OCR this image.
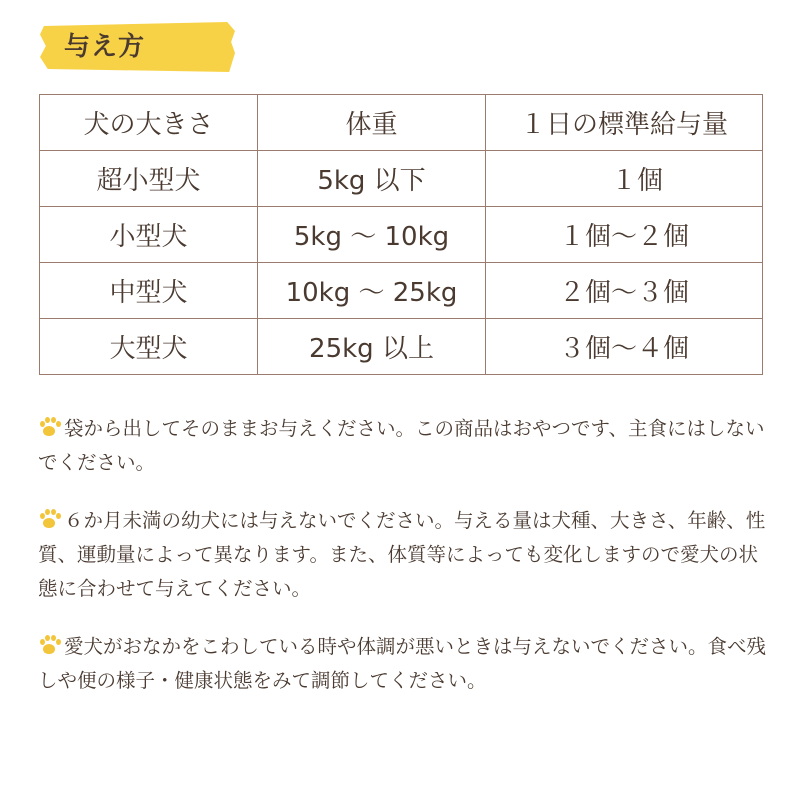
与え方
犬の大きさ	体重	１日の標準給与量
超小型犬	5kg 以下	　１個
小型犬	5kg ～ 10kg	１個～２個
中型犬	10kg ～ 25kg	２個～３個
大型犬	25kg 以上	３個～４個
袋から出してそのままお与えください。この商品はおやつです、主食にはしないでください。
６か月未満の幼犬には与えないでください。与える量は犬種、大きさ、年齢、性質、運動量によって異なります。また、体質等によっても変化しますので愛犬の状態に合わせて与えてください。
愛犬がおなかをこわしている時や体調が悪いときは与えないでください。食べ残しや便の様子・健康状態をみて調節してください。
